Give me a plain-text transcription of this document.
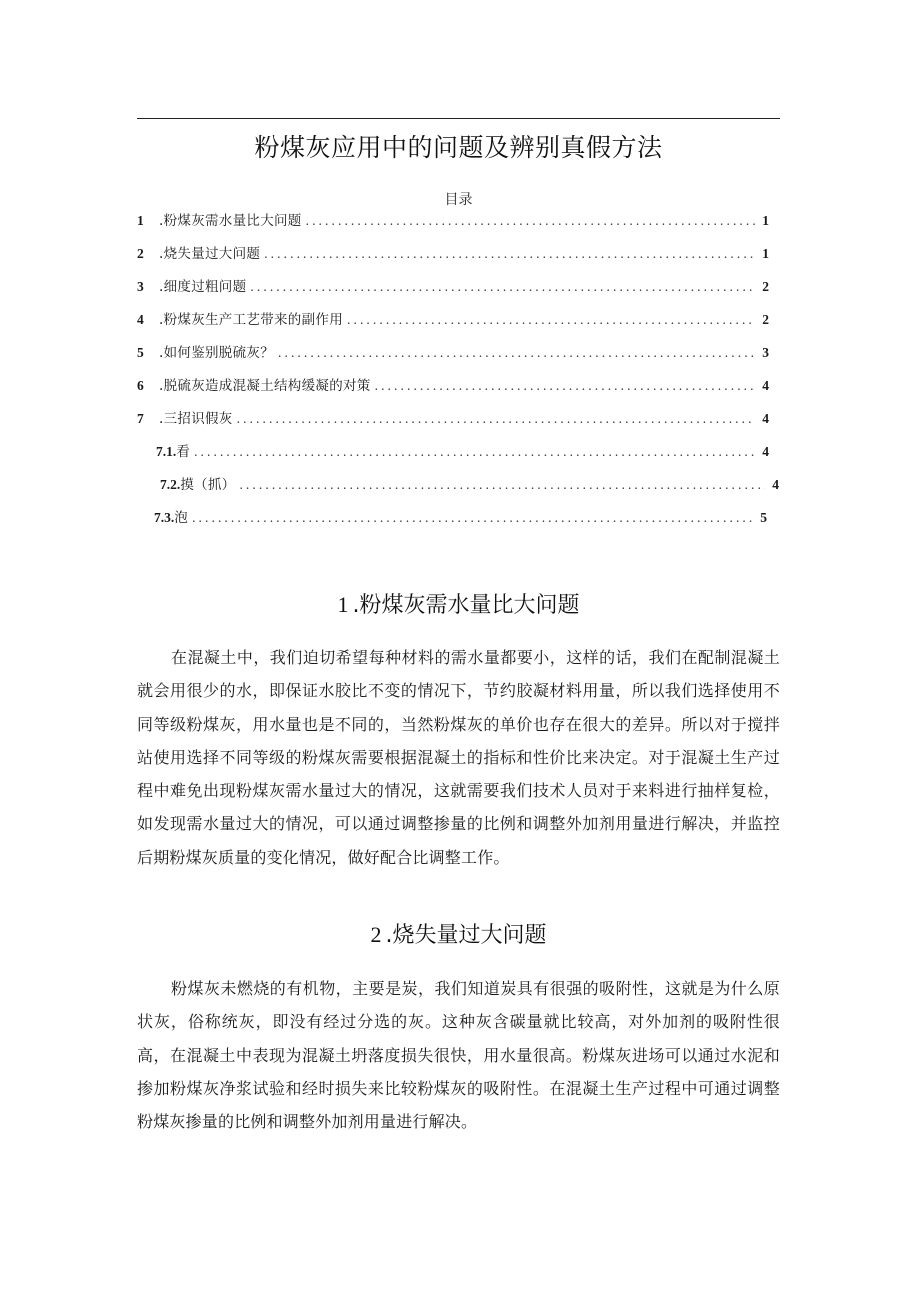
粉煤灰应用中的问题及辨别真假方法
目录
1	.粉煤灰需水量比大问题 .....	1
2	.烧失量过大问题 .....	1
3	.细度过粗问题 .....	2
4	.粉煤灰生产工艺带来的副作用 .....	2
5	.如何鉴别脱硫灰？ .....	3
6	.脱硫灰造成混凝土结构缓凝的对策 .....	4
7	.三招识假灰 .....	4
7.1. 看 .....	4
7.2. 摸（抓） .....	4
7.3. 泡 .....	5
1 .粉煤灰需水量比大问题

在混凝土中，我们迫切希望每种材料的需水量都要小，这样的话，我们在配制混凝土就会用很少的水，即保证水胶比不变的情况下，节约胶凝材料用量，所以我们选择使用不同等级粉煤灰，用水量也是不同的，当然粉煤灰的单价也存在很大的差异。所以对于搅拌站使用选择不同等级的粉煤灰需要根据混凝土的指标和性价比来决定。对于混凝土生产过程中难免出现粉煤灰需水量过大的情况，这就需要我们技术人员对于来料进行抽样复检，如发现需水量过大的情况，可以通过调整掺量的比例和调整外加剂用量进行解决，并监控后期粉煤灰质量的变化情况，做好配合比调整工作。

2 .烧失量过大问题

粉煤灰未燃烧的有机物，主要是炭，我们知道炭具有很强的吸附性，这就是为什么原状灰，俗称统灰，即没有经过分选的灰。这种灰含碳量就比较高，对外加剂的吸附性很高，在混凝土中表现为混凝土坍落度损失很快，用水量很高。粉煤灰进场可以通过水泥和掺加粉煤灰净浆试验和经时损失来比较粉煤灰的吸附性。在混凝土生产过程中可通过调整粉煤灰掺量的比例和调整外加剂用量进行解决。
